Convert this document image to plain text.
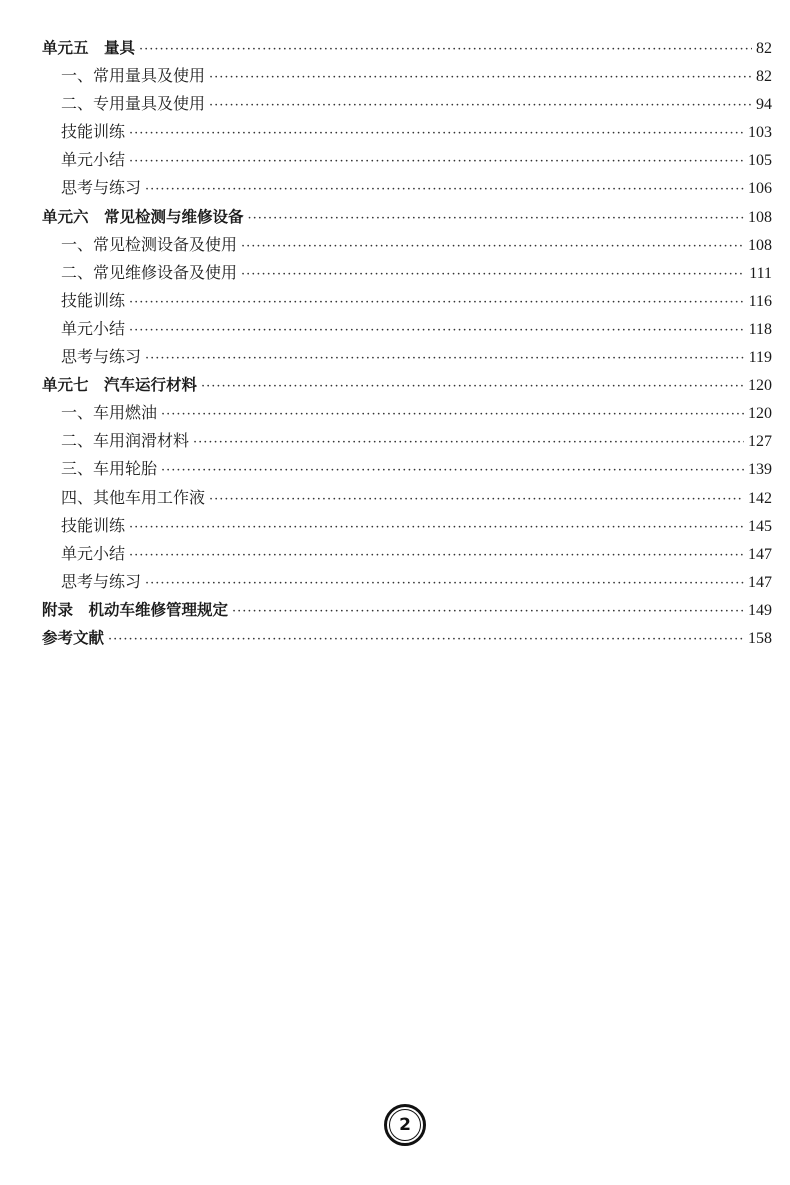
单元五　量具 ·····	82
一、常用量具及使用 ·····	82
二、专用量具及使用 ·····	94
技能训练 ·····	103
单元小结 ·····	105
思考与练习 ·····	106
单元六　常见检测与维修设备 ·····	108
一、常见检测设备及使用 ·····	108
二、常见维修设备及使用 ·····	111
技能训练 ·····	116
单元小结 ·····	118
思考与练习 ·····	119
单元七　汽车运行材料 ·····	120
一、车用燃油 ·····	120
二、车用润滑材料 ·····	127
三、车用轮胎 ·····	139
四、其他车用工作液 ·····	142
技能训练 ·····	145
单元小结 ·····	147
思考与练习 ·····	147
附录　机动车维修管理规定 ·····	149
参考文献 ·····	158
2
